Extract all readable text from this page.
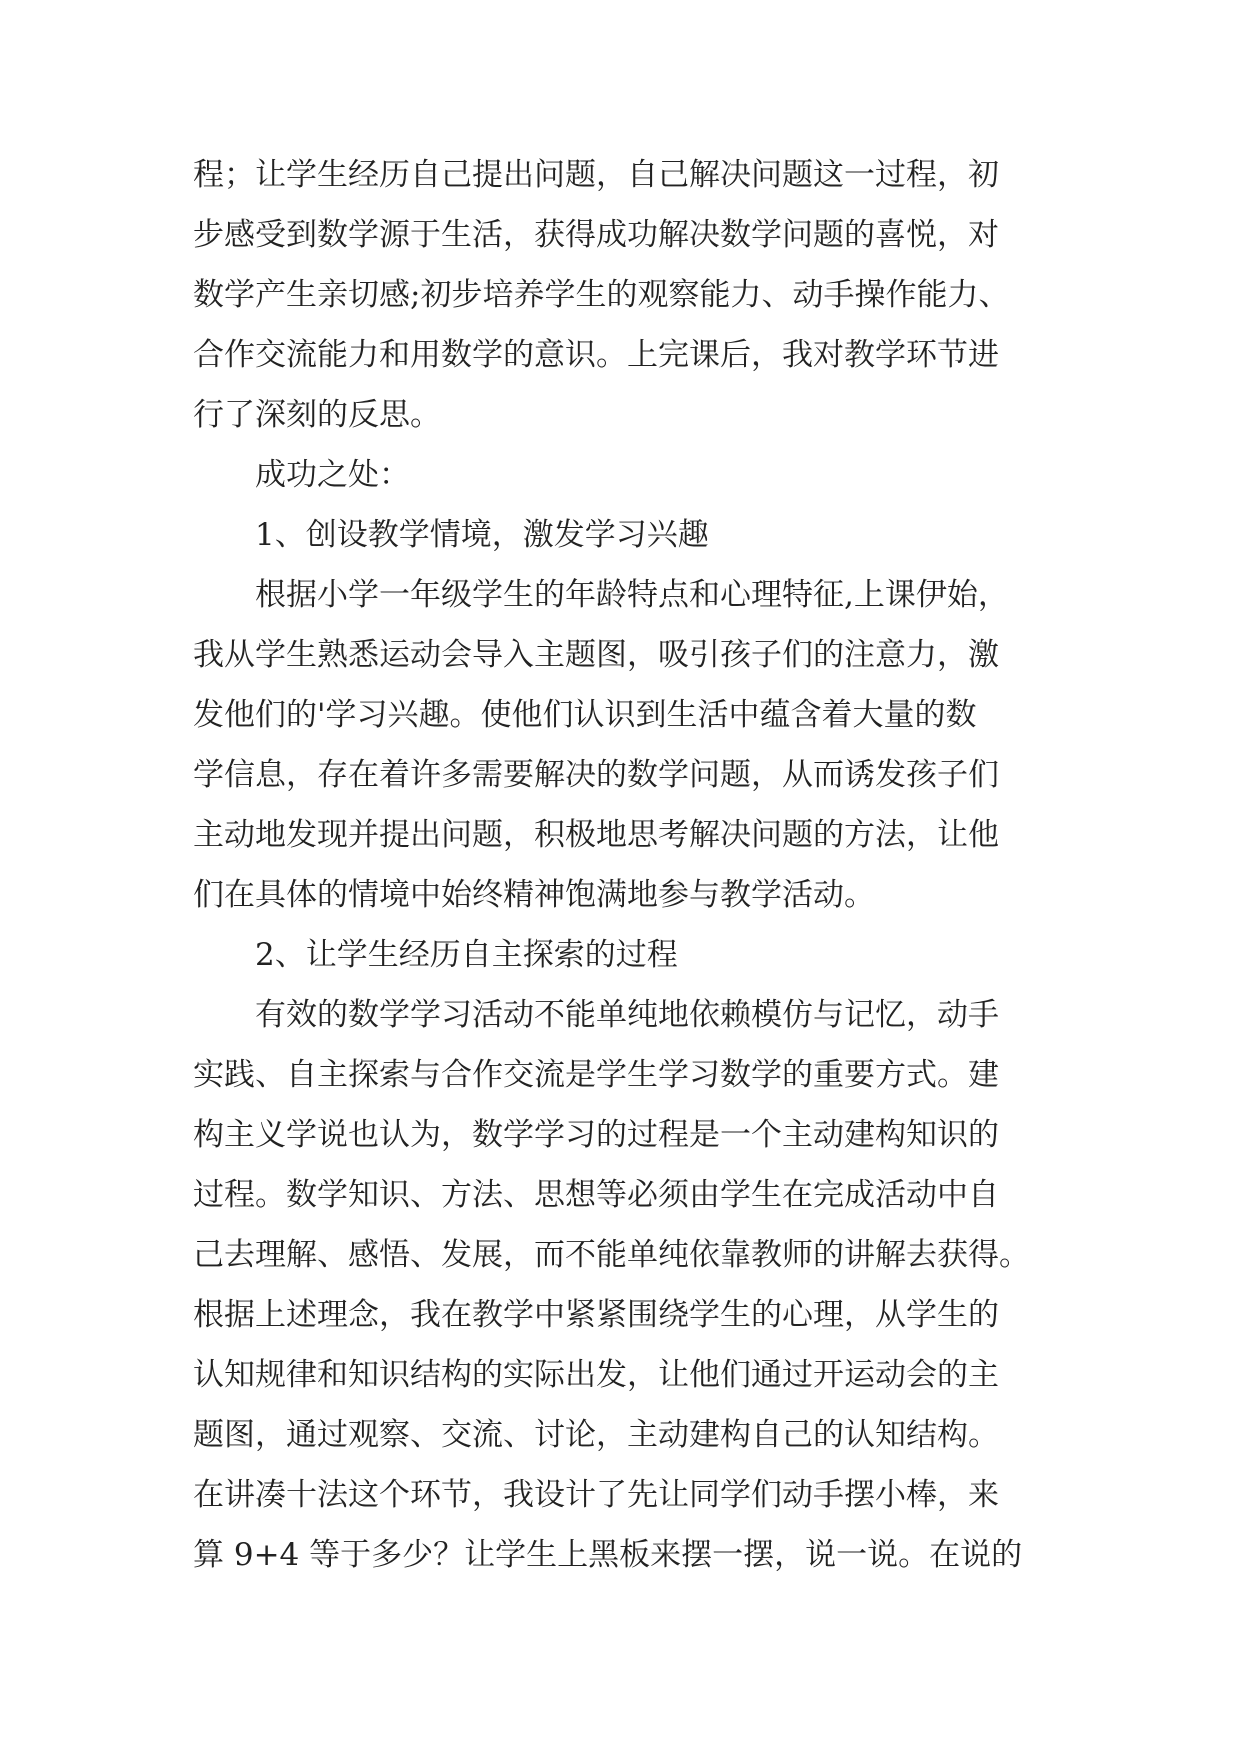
程；让学生经历自己提出问题，自己解决问题这一过程，初
步感受到数学源于生活，获得成功解决数学问题的喜悦，对
数学产生亲切感;初步培养学生的观察能力、动手操作能力、
合作交流能力和用数学的意识。上完课后，我对教学环节进
行了深刻的反思。
成功之处：
1、创设教学情境，激发学习兴趣
根据小学一年级学生的年龄特点和心理特征,上课伊始，
我从学生熟悉运动会导入主题图，吸引孩子们的注意力，激
发他们的'学习兴趣。使他们认识到生活中蕴含着大量的数
学信息，存在着许多需要解决的数学问题，从而诱发孩子们
主动地发现并提出问题，积极地思考解决问题的方法，让他
们在具体的情境中始终精神饱满地参与教学活动。
2、让学生经历自主探索的过程
有效的数学学习活动不能单纯地依赖模仿与记忆，动手
实践、自主探索与合作交流是学生学习数学的重要方式。建
构主义学说也认为，数学学习的过程是一个主动建构知识的
过程。数学知识、方法、思想等必须由学生在完成活动中自
己去理解、感悟、发展，而不能单纯依靠教师的讲解去获得。
根据上述理念，我在教学中紧紧围绕学生的心理，从学生的
认知规律和知识结构的实际出发，让他们通过开运动会的主
题图，通过观察、交流、讨论，主动建构自己的认知结构。
在讲凑十法这个环节，我设计了先让同学们动手摆小棒，来
算 9+4 等于多少？让学生上黑板来摆一摆，说一说。在说的
